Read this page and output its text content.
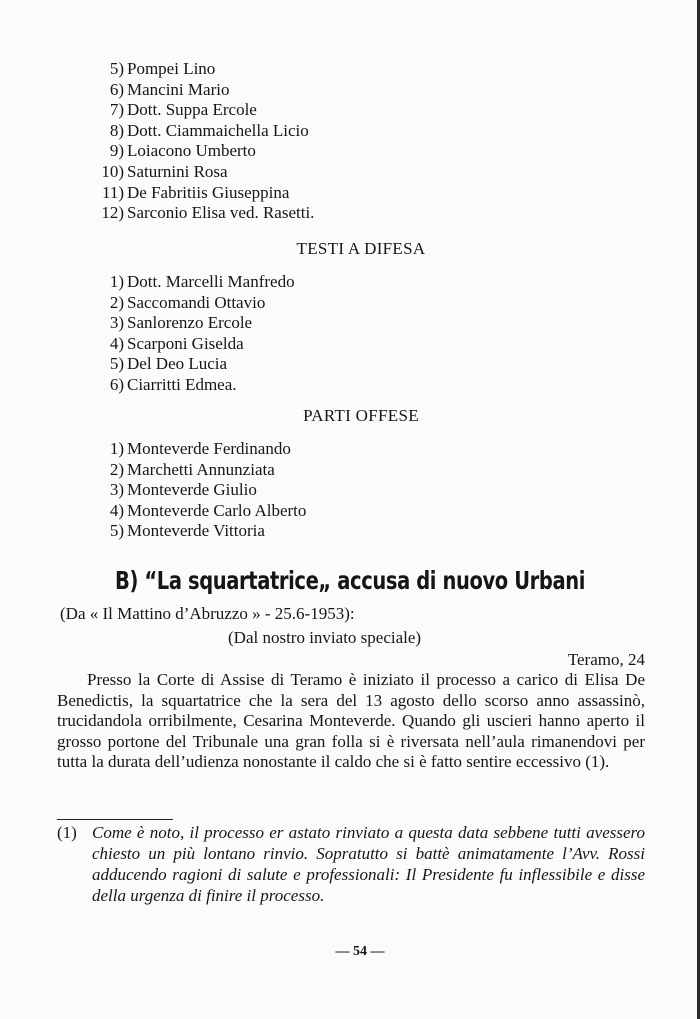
5) Pompei Lino
6) Mancini Mario
7) Dott. Suppa Ercole
8) Dott. Ciammaichella Licio
9) Loiacono Umberto
10) Saturnini Rosa
11) De Fabritiis Giuseppina
12) Sarconio Elisa ved. Rasetti.
TESTI A DIFESA
1) Dott. Marcelli Manfredo
2) Saccomandi Ottavio
3) Sanlorenzo Ercole
4) Scarponi Giselda
5) Del Deo Lucia
6) Ciarritti Edmea.
PARTI OFFESE
1) Monteverde Ferdinando
2) Marchetti Annunziata
3) Monteverde Giulio
4) Monteverde Carlo Alberto
5) Monteverde Vittoria
B) “La squartatrice„ accusa di nuovo Urbani
(Da « Il Mattino d’Abruzzo » - 25.6-1953):
(Dal nostro inviato speciale)
Teramo, 24

Presso la Corte di Assise di Teramo è iniziato il processo a carico di Elisa De Benedictis, la squartatrice che la sera del 13 agosto dello scorso anno assassinò, trucidandola orribilmente, Cesarina Monteverde. Quando gli uscieri hanno aperto il grosso portone del Tribunale una gran folla si è riversata nell’aula rimanendovi per tutta la durata dell’udienza nonostante il caldo che si è fatto sentire eccessivo (1).

(1) Come è noto, il processo er astato rinviato a questa data sebbene tutti avessero chiesto un più lontano rinvio. Sopratutto si battè animatamente l’Avv. Rossi adducendo ragioni di salute e professionali: Il Presidente fu inflessibile e disse della urgenza di finire il processo.

— 54 —
